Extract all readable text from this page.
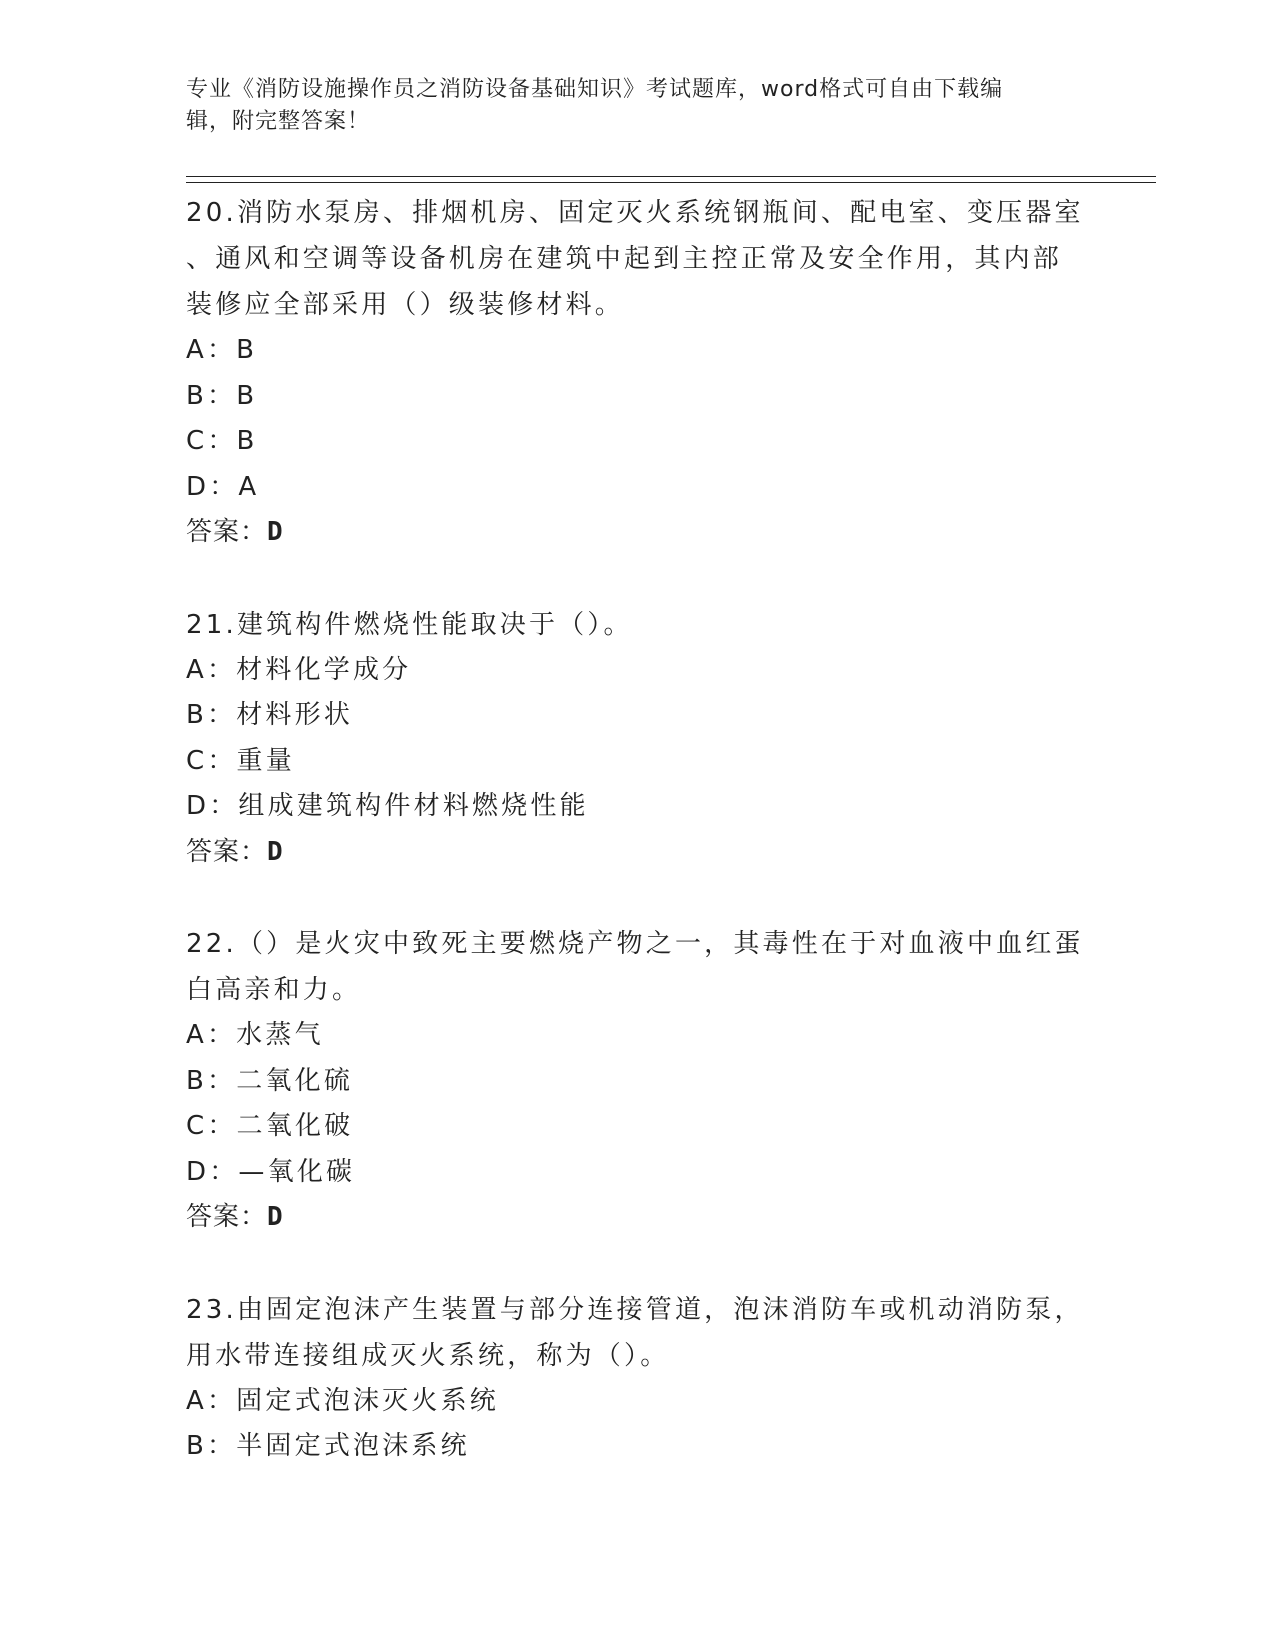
专业《消防设施操作员之消防设备基础知识》考试题库，word格式可自由下载编
辑，附完整答案！

20.消防水泵房、排烟机房、固定灭火系统钢瓶间、配电室、变压器室
、通风和空调等设备机房在建筑中起到主控正常及安全作用，其内部
装修应全部采用（）级装修材料。

A：B

B：B

C：B

D：A

答案：D

21.建筑构件燃烧性能取决于（）。

A：材料化学成分

B：材料形状

C：重量

D：组成建筑构件材料燃烧性能

答案：D

22.（）是火灾中致死主要燃烧产物之一，其毒性在于对血液中血红蛋
白高亲和力。

A：水蒸气

B：二氧化硫

C：二氧化破

D：—氧化碳

答案：D

23.由固定泡沫产生装置与部分连接管道，泡沫消防车或机动消防泵，
用水带连接组成灭火系统，称为（）。

A：固定式泡沫灭火系统

B：半固定式泡沫系统
